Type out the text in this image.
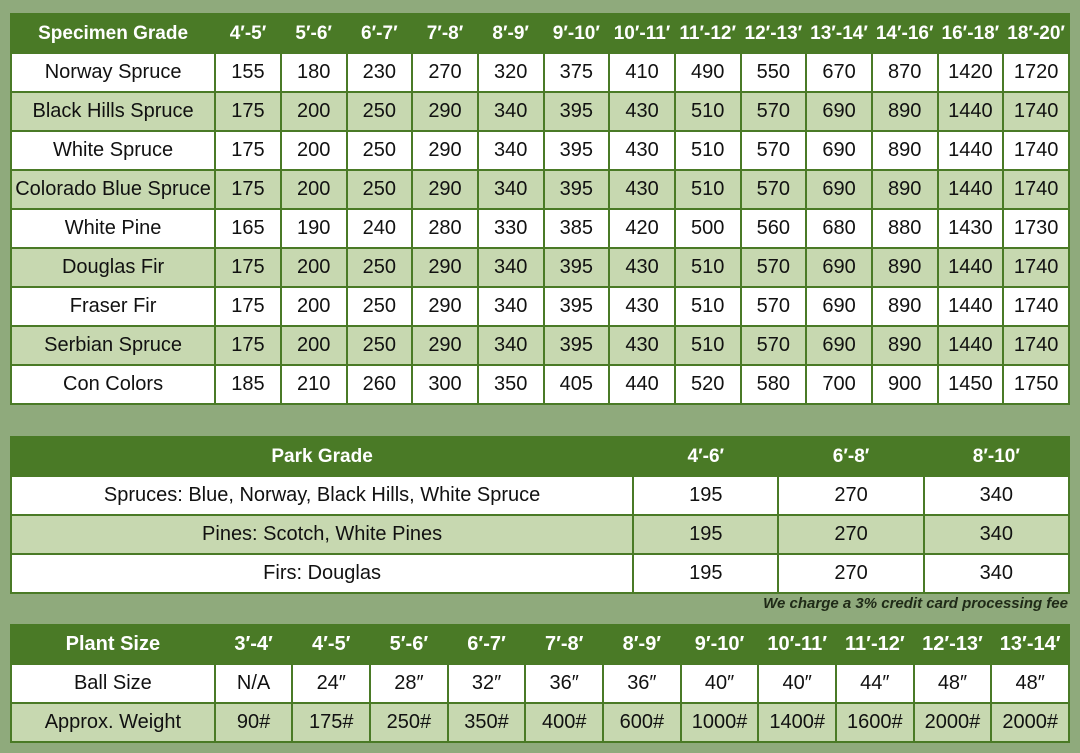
Specimen Grade	4′-5′	5′-6′	6′-7′	7′-8′	8′-9′	9′-10′	10′-11′	11′-12′	12′-13′	13′-14′	14′-16′	16′-18′	18′-20′
Norway Spruce	155	180	230	270	320	375	410	490	550	670	870	1420	1720
Black Hills Spruce	175	200	250	290	340	395	430	510	570	690	890	1440	1740
White Spruce	175	200	250	290	340	395	430	510	570	690	890	1440	1740
Colorado Blue Spruce	175	200	250	290	340	395	430	510	570	690	890	1440	1740
White Pine	165	190	240	280	330	385	420	500	560	680	880	1430	1730
Douglas Fir	175	200	250	290	340	395	430	510	570	690	890	1440	1740
Fraser Fir	175	200	250	290	340	395	430	510	570	690	890	1440	1740
Serbian Spruce	175	200	250	290	340	395	430	510	570	690	890	1440	1740
Con Colors	185	210	260	300	350	405	440	520	580	700	900	1450	1750
Park Grade	4′-6′	6′-8′	8′-10′
Spruces: Blue, Norway, Black Hills, White Spruce	195	270	340
Pines: Scotch, White Pines	195	270	340
Firs: Douglas	195	270	340
We charge a 3% credit card processing fee
Plant Size	3′-4′	4′-5′	5′-6′	6′-7′	7′-8′	8′-9′	9′-10′	10′-11′	11′-12′	12′-13′	13′-14′
Ball Size	N/A	24″	28″	32″	36″	36″	40″	40″	44″	48″	48″
Approx. Weight	90#	175#	250#	350#	400#	600#	1000#	1400#	1600#	2000#	2000#
